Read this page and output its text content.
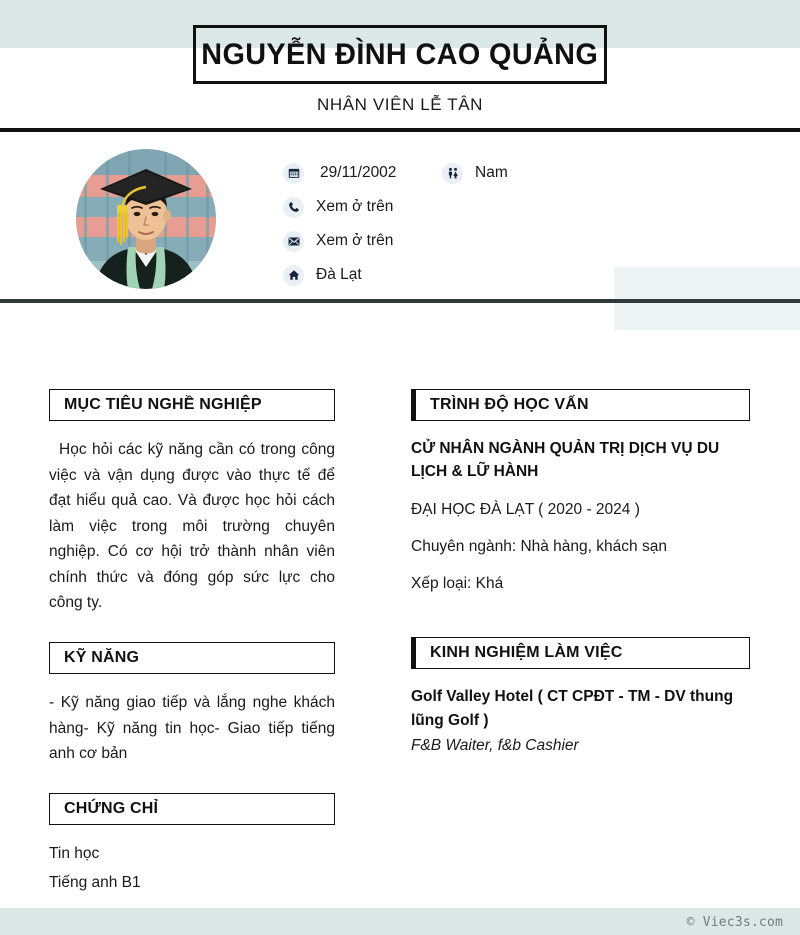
NGUYỄN ĐÌNH CAO QUẢNG
NHÂN VIÊN LỄ TÂN
29/11/2002	Nam
Xem ở trên
Xem ở trên
Đà Lạt
MỤC TIÊU NGHỀ NGHIỆP

Học hỏi các kỹ năng cần có trong công việc và vận dụng được vào thực tế để đạt hiểu quả cao. Và được học hỏi cách làm việc trong môi trường chuyên nghiệp. Có cơ hội trở thành nhân viên chính thức và đóng góp sức lực cho công ty.

KỸ NĂNG

- Kỹ năng giao tiếp và lắng nghe khách hàng- Kỹ năng tin học- Giao tiếp tiếng anh cơ bản

CHỨNG CHỈ
Tin học
Tiếng anh B1
TRÌNH ĐỘ HỌC VẤN
CỬ NHÂN NGÀNH QUẢN TRỊ DỊCH VỤ DU LỊCH & LỮ HÀNH
ĐẠI HỌC ĐÀ LẠT ( 2020 - 2024 )
Chuyên ngành: Nhà hàng, khách sạn
Xếp loại: Khá
KINH NGHIỆM LÀM VIỆC
Golf Valley Hotel ( CT CPĐT - TM - DV thung lũng Golf )
F&B Waiter, f&b Cashier
© Viec3s.com
